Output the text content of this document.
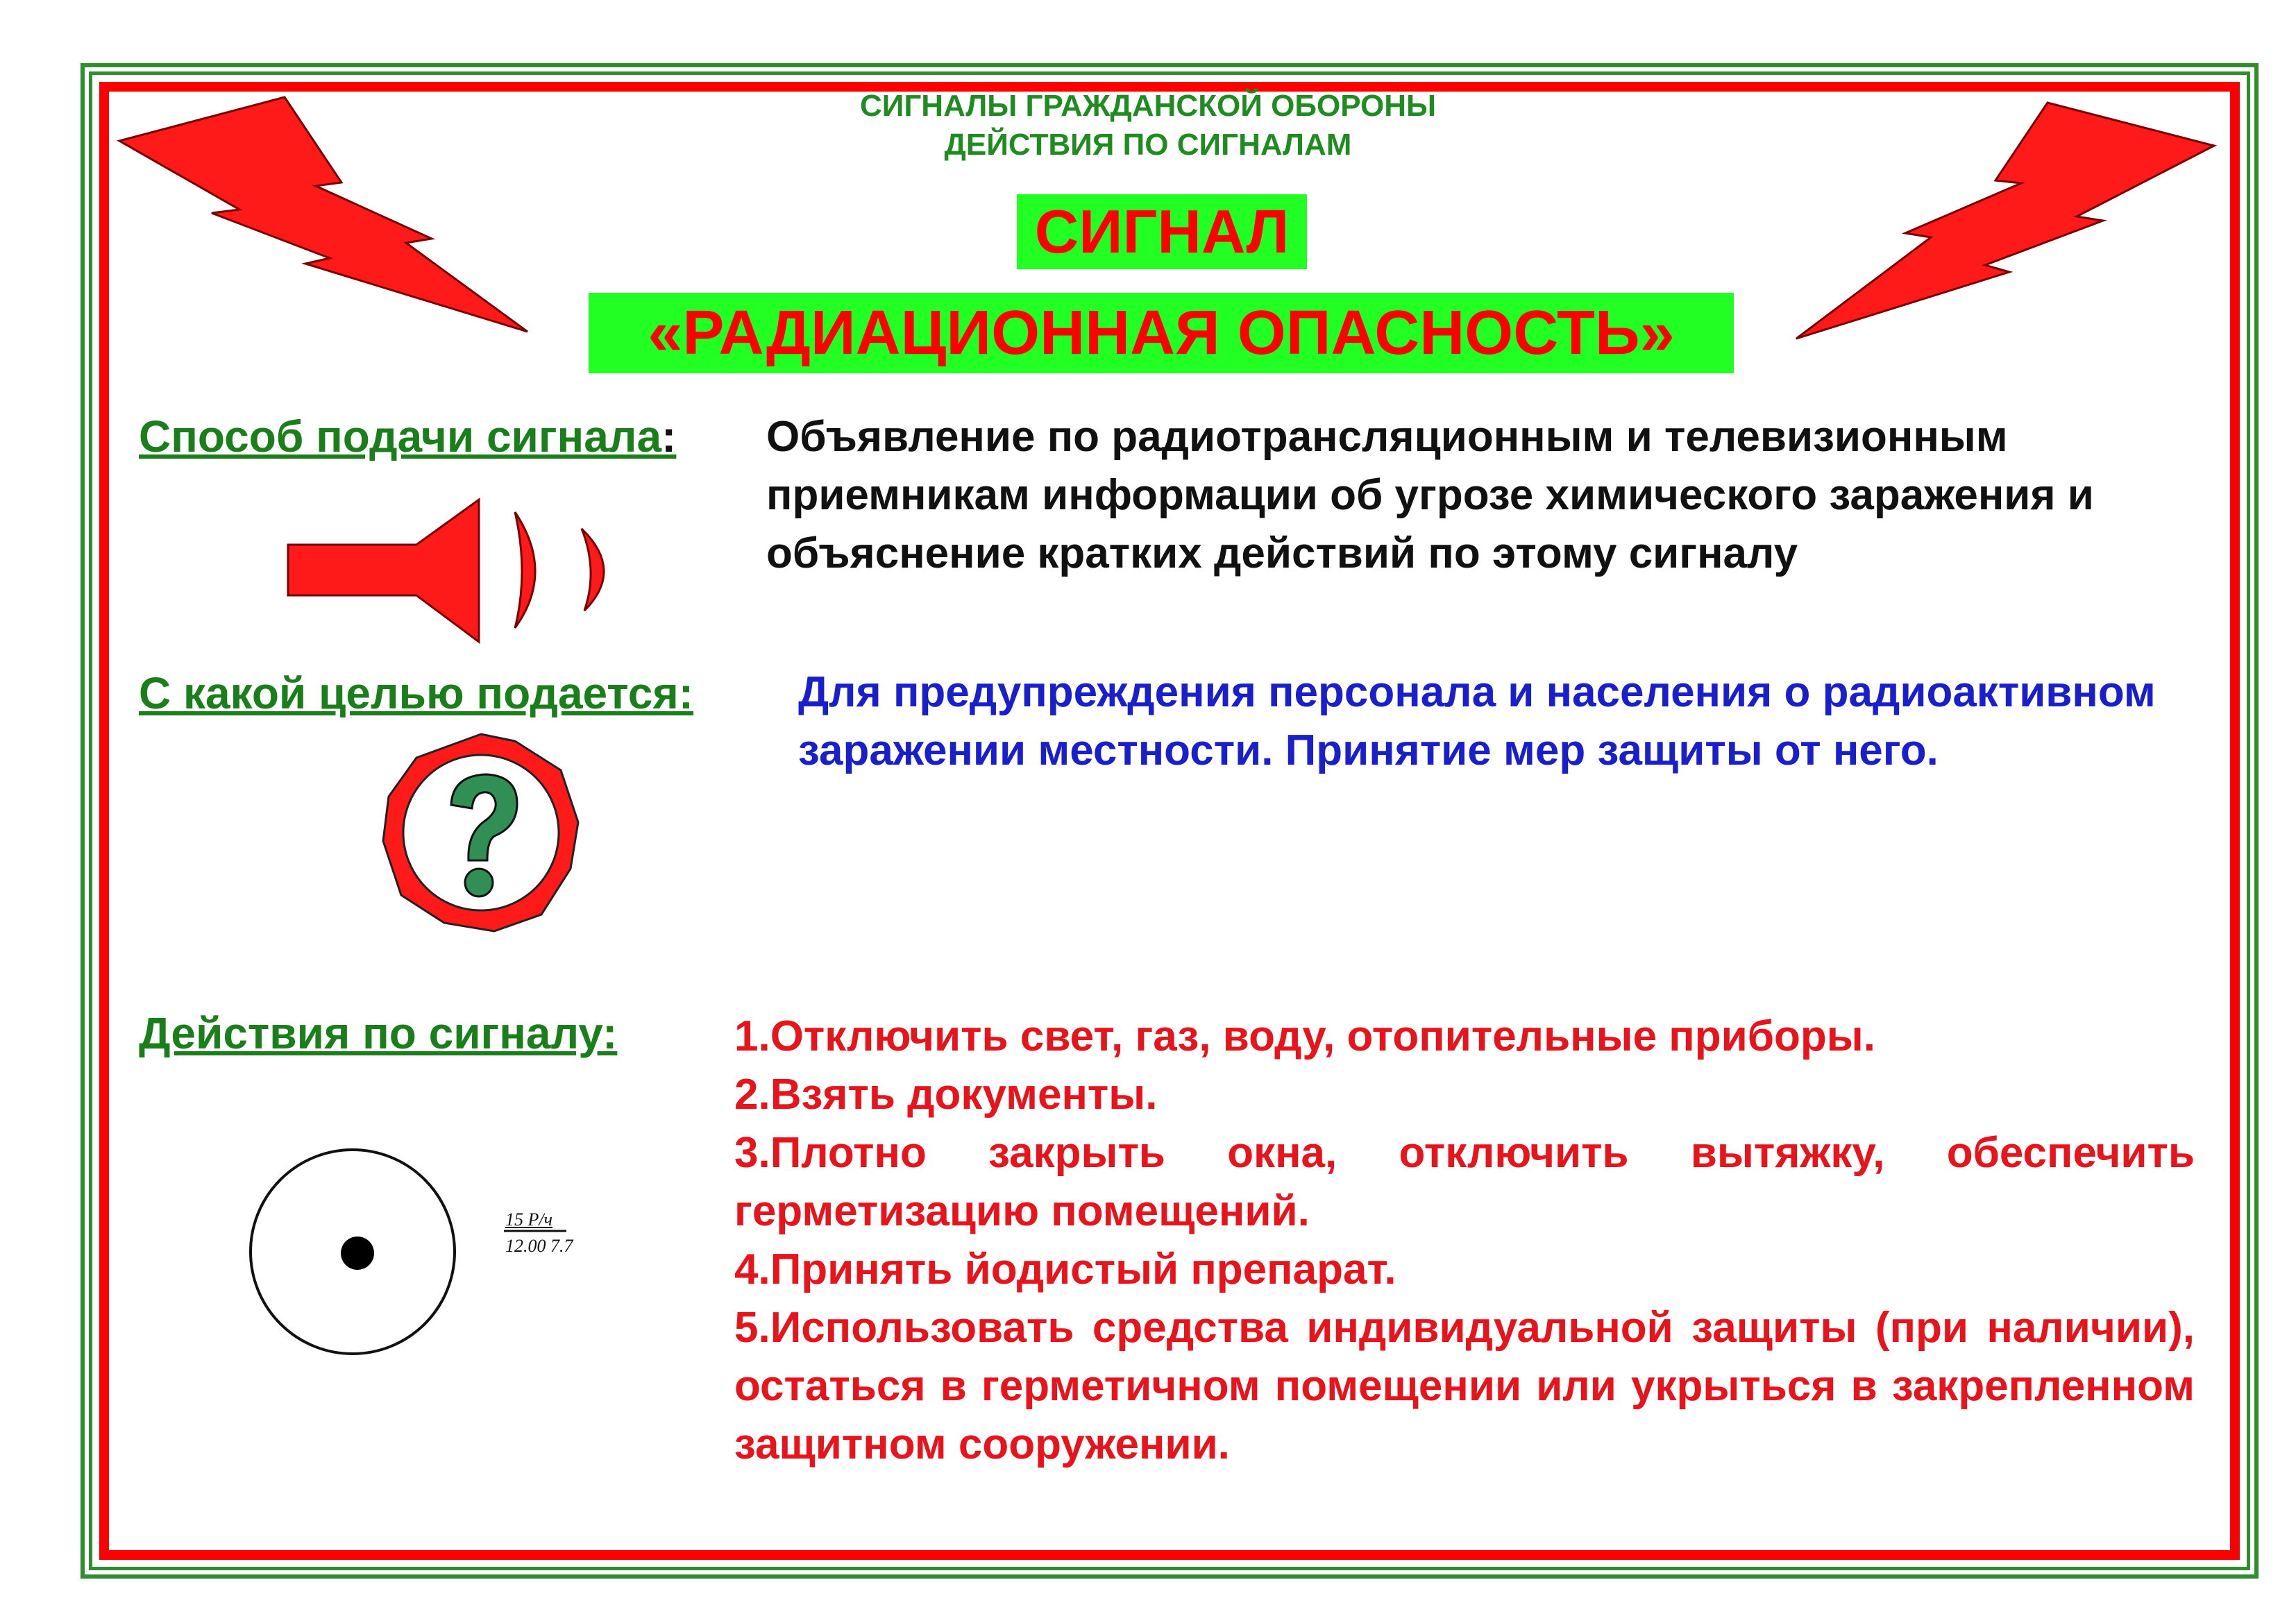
СИГНАЛЫ ГРАЖДАНСКОЙ ОБОРОНЫ

ДЕЙСТВИЯ ПО СИГНАЛАМ

СИГНАЛ
«РАДИАЦИОННАЯ ОПАСНОСТЬ»

Способ подачи сигнала: Объявление по радиотрансляционным и телевизионным приемникам информации об угрозе химического заражения и объяснение кратких действий по этому сигналу

С какой целью подается: Для предупреждения персонала и населения о радиоактивном заражении местности. Принятие мер защиты от него.

Действия по сигналу:	1.Отключить свет, газ, воду, отопительные приборы.
2.Взять документы.
3.Плотно закрыть окна, отключить вытяжку, обеспечить герметизацию помещений.
4.Принять йодистый препарат.
5.Использовать средства индивидуальной защиты (при наличии), остаться в герметичном помещении или укрыться в закрепленном защитном сооружении.

15 Р/ч

12.00 7.7
